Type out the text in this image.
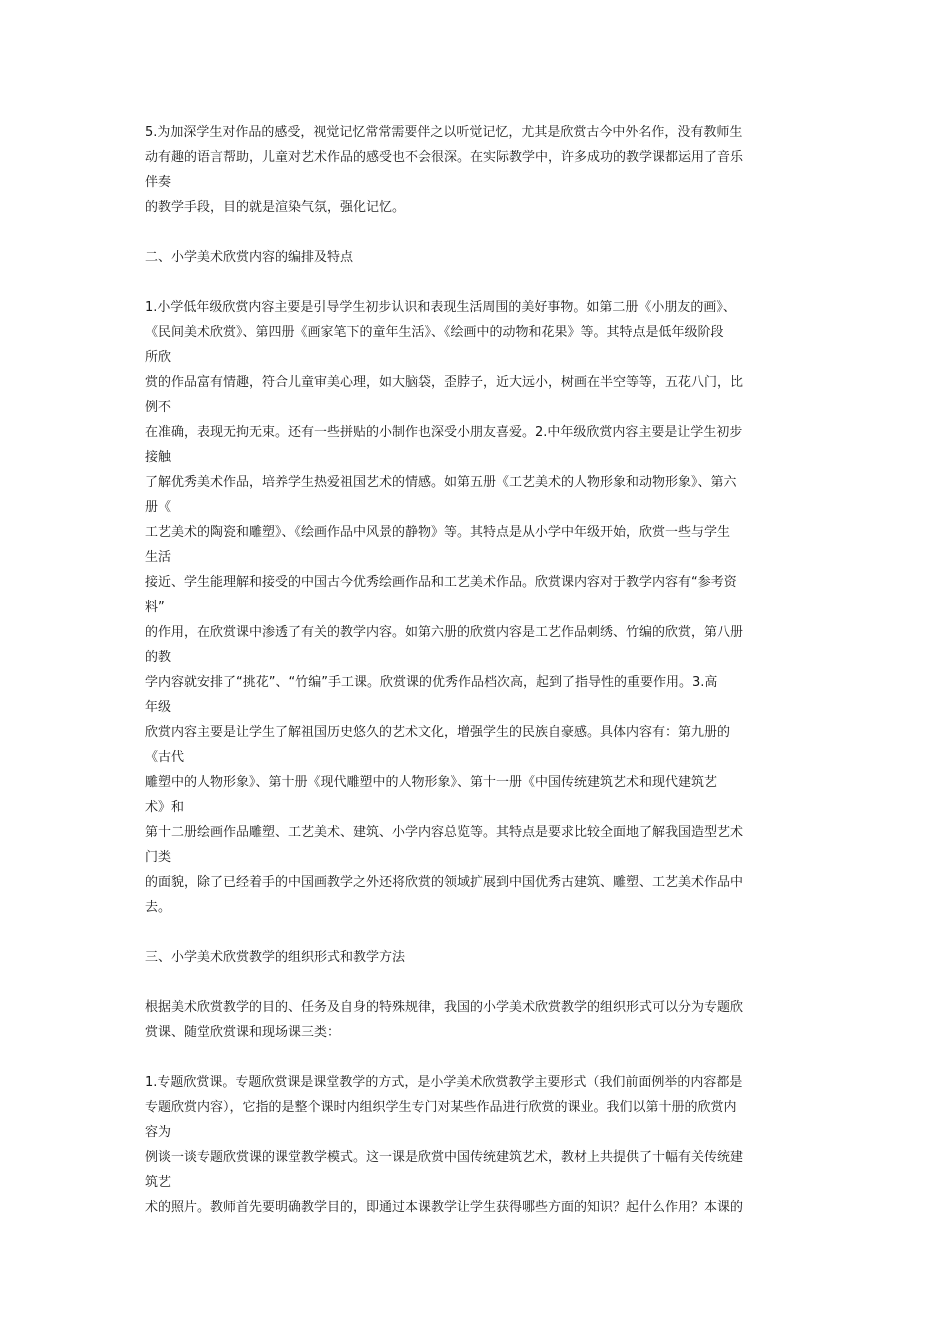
5.为加深学生对作品的感受，视觉记忆常常需要伴之以听觉记忆，尤其是欣赏古今中外名作，没有教师生
动有趣的语言帮助，儿童对艺术作品的感受也不会很深。在实际教学中，许多成功的教学课都运用了音乐
伴奏
的教学手段，目的就是渲染气氛，强化记忆。
二、小学美术欣赏内容的编排及特点
1.小学低年级欣赏内容主要是引导学生初步认识和表现生活周围的美好事物。如第二册《小朋友的画》、
《民间美术欣赏》、第四册《画家笔下的童年生活》、《绘画中的动物和花果》等。其特点是低年级阶段
所欣
赏的作品富有情趣，符合儿童审美心理，如大脑袋，歪脖子，近大远小，树画在半空等等，五花八门，比
例不
在准确，表现无拘无束。还有一些拼贴的小制作也深受小朋友喜爱。2.中年级欣赏内容主要是让学生初步
接触
了解优秀美术作品，培养学生热爱祖国艺术的情感。如第五册《工艺美术的人物形象和动物形象》、第六
册《
工艺美术的陶瓷和雕塑》、《绘画作品中风景的静物》等。其特点是从小学中年级开始，欣赏一些与学生
生活
接近、学生能理解和接受的中国古今优秀绘画作品和工艺美术作品。欣赏课内容对于教学内容有“参考资
料”
的作用，在欣赏课中渗透了有关的教学内容。如第六册的欣赏内容是工艺作品刺绣、竹编的欣赏，第八册
的教
学内容就安排了“挑花”、“竹编”手工课。欣赏课的优秀作品档次高，起到了指导性的重要作用。3.高
年级
欣赏内容主要是让学生了解祖国历史悠久的艺术文化，增强学生的民族自豪感。具体内容有：第九册的
《古代
雕塑中的人物形象》、第十册《现代雕塑中的人物形象》、第十一册《中国传统建筑艺术和现代建筑艺
术》和
第十二册绘画作品雕塑、工艺美术、建筑、小学内容总览等。其特点是要求比较全面地了解我国造型艺术
门类
的面貌，除了已经着手的中国画教学之外还将欣赏的领域扩展到中国优秀古建筑、雕塑、工艺美术作品中
去。
三、小学美术欣赏教学的组织形式和教学方法
根据美术欣赏教学的目的、任务及自身的特殊规律，我国的小学美术欣赏教学的组织形式可以分为专题欣
赏课、随堂欣赏课和现场课三类：
1.专题欣赏课。专题欣赏课是课堂教学的方式，是小学美术欣赏教学主要形式（我们前面例举的内容都是
专题欣赏内容），它指的是整个课时内组织学生专门对某些作品进行欣赏的课业。我们以第十册的欣赏内
容为
例谈一谈专题欣赏课的课堂教学模式。这一课是欣赏中国传统建筑艺术，教材上共提供了十幅有关传统建
筑艺
术的照片。教师首先要明确教学目的，即通过本课教学让学生获得哪些方面的知识？起什么作用？本课的
